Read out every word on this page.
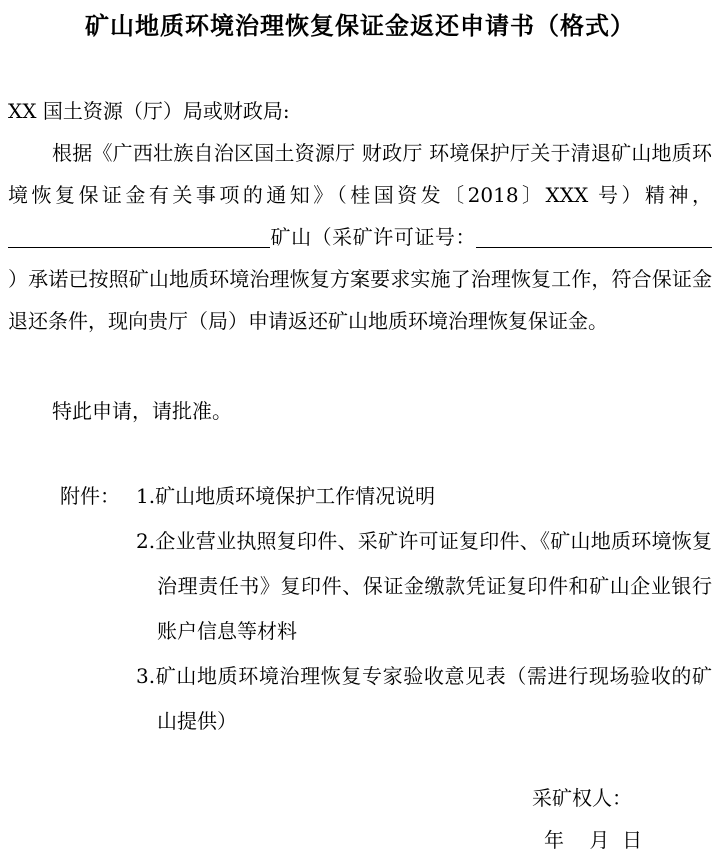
矿山地质环境治理恢复保证金返还申请书（格式）
XX 国土资源（厅）局或财政局:
根据《广西壮族自治区国土资源厅 财政厅 环境保护厅关于清退矿山地质环境恢复保证金有关事项的通知》（桂国资发〔2018〕XXX 号）精神，矿山（采矿许可证号：）承诺已按照矿山地质环境治理恢复方案要求实施了治理恢复工作，符合保证金退还条件，现向贵厅（局）申请返还矿山地质环境治理恢复保证金。
特此申请，请批准。
附件： 1.矿山地质环境保护工作情况说明
2.企业营业执照复印件、采矿许可证复印件、《矿山地质环境恢复治理责任书》复印件、保证金缴款凭证复印件和矿山企业银行账户信息等材料
3.矿山地质环境治理恢复专家验收意见表（需进行现场验收的矿山提供）
采矿权人：
年    月  日
